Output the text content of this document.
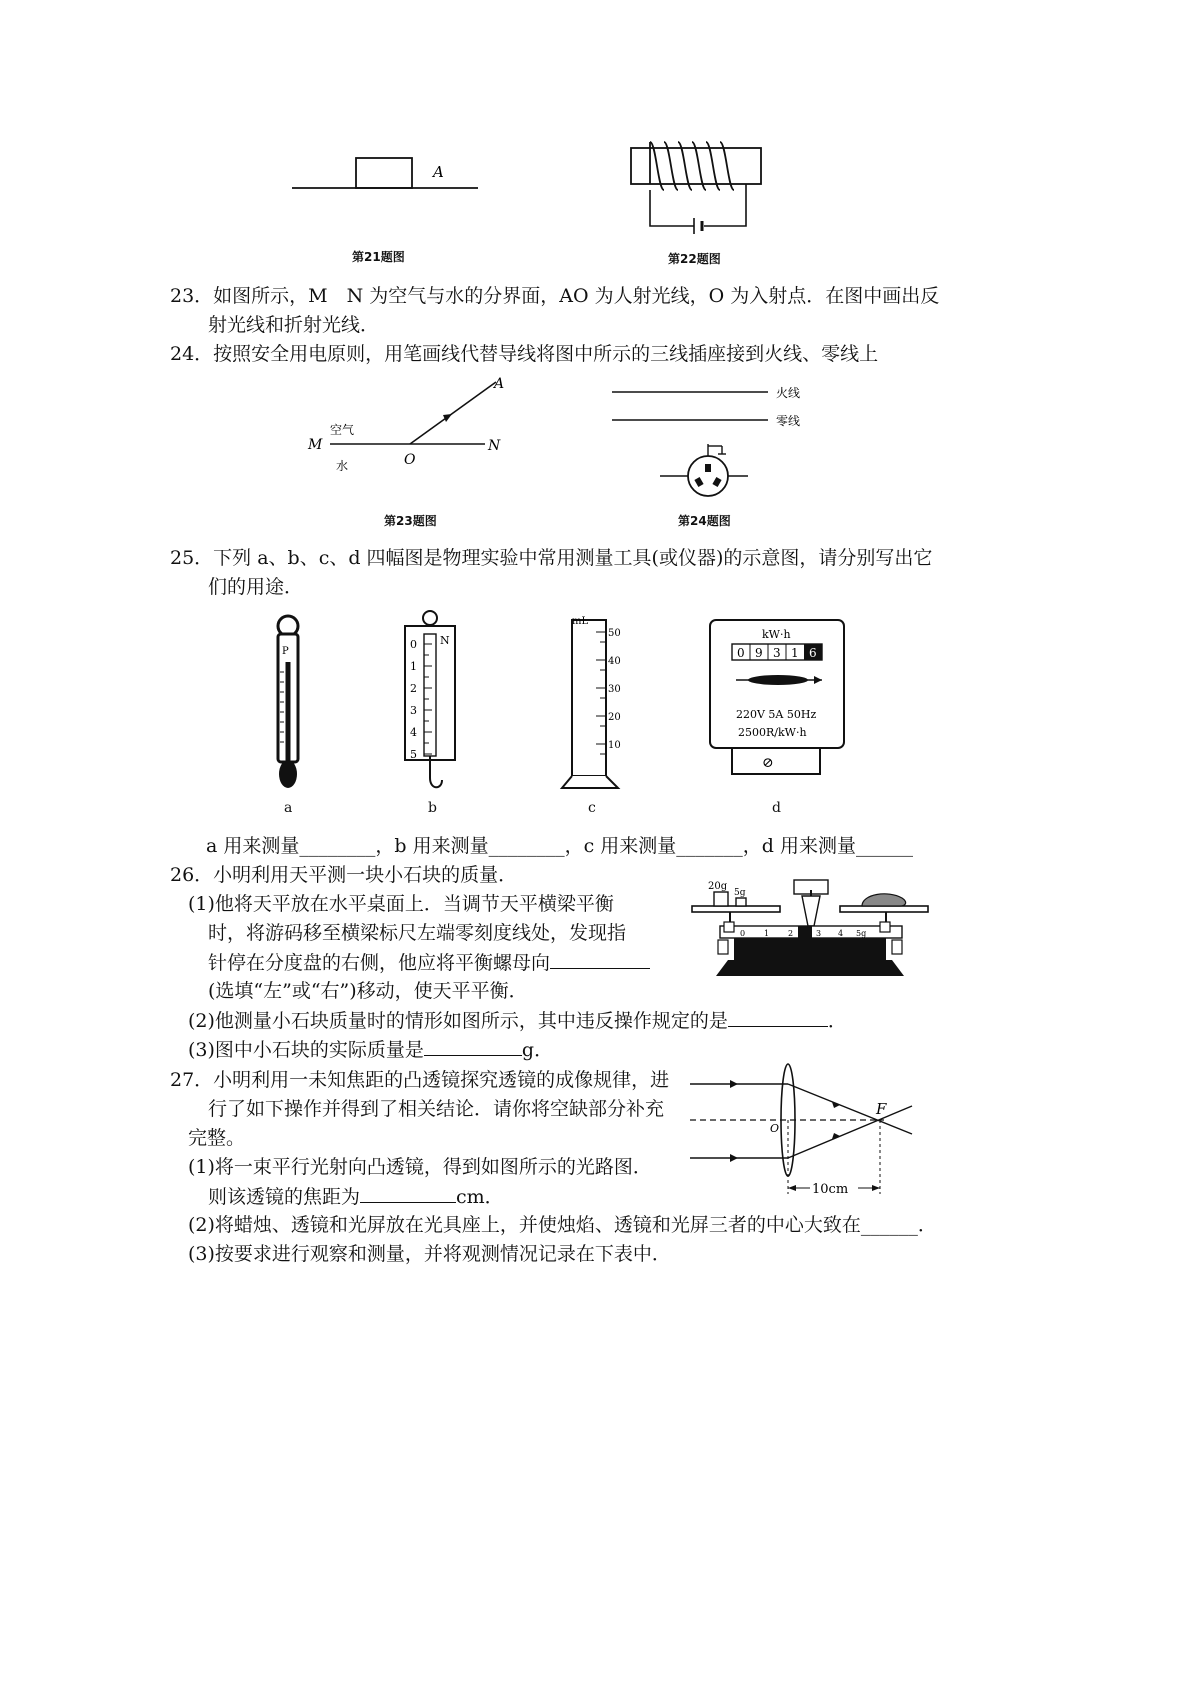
A
第21题图	第22题图
23．如图所示，M　N 为空气与水的分界面，AO 为人射光线，O 为入射点．在图中画出反
射光线和折射光线．
24．按照安全用电原则，用笔画线代替导线将图中所示的三线插座接到火线、零线上
A
M	N
O
空气
水
第23题图
火线
零线
第24题图
25．下列 a、b、c、d 四幅图是物理实验中常用测量工具(或仪器)的示意图，请分别写出它
们的用途．
P
N
0
1
2
3
4
5
mL
50
40
30
20
10
⊘
kW·h
0 9 3 1 6
220V 5A 50Hz
2500R/kW·h
a	b	c	d
a 用来测量________，b 用来测量________，c 用来测量_______，d 用来测量______
26．小明利用天平测一块小石块的质量．
(1)他将天平放在水平桌面上．当调节天平横梁平衡
时，将游码移至横梁标尺左端零刻度线处，发现指
针停在分度盘的右侧，他应将平衡螺母向
(选填“左”或“右”)移动，使天平平衡．
(2)他测量小石块质量时的情形如图所示，其中违反操作规定的是	．
(3)图中小石块的实际质量是	g．
20g
5g
0 1 2	3 4 5g
27．小明利用一未知焦距的凸透镜探究透镜的成像规律，进
行了如下操作并得到了相关结论．请你将空缺部分补充
完整。
(1)将一束平行光射向凸透镜，得到如图所示的光路图．
则该透镜的焦距为	cm．
(2)将蜡烛、透镜和光屏放在光具座上，并使烛焰、透镜和光屏三者的中心大致在______．
(3)按要求进行观察和测量，并将观测情况记录在下表中．
10cm
F
O
